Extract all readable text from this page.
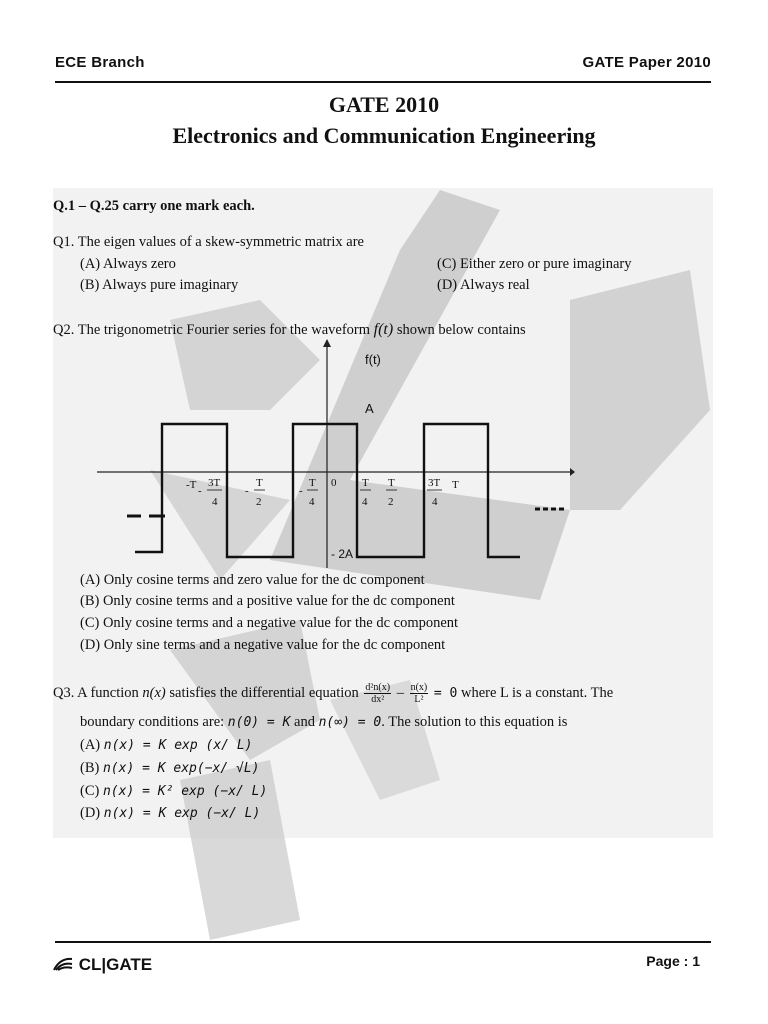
ECE Branch	GATE Paper 2010
GATE 2010
Electronics and Communication Engineering
Q.1 – Q.25 carry one mark each.
Q1. The eigen values of a skew-symmetric matrix are
(A) Always zero
(B) Always pure imaginary
(C) Either zero or pure imaginary
(D) Always real
Q2. The trigonometric Fourier series for the waveform f(t) shown below contains
f(t)
A
- 2A
-T -
3T
4
-
T
2
-
T
4
0 T
4
T
2
3T
4
T
(A) Only cosine terms and zero value for the dc component
(B) Only cosine terms and a positive value for the dc component
(C) Only cosine terms and a negative value for the dc component
(D) Only sine terms and a negative value for the dc component
Q3. A function n(x) satisfies the differential equation $\frac{\text{d²n(x)}}{\text{dx²}} - \frac{n(x)}{\text{L²}} = 0$ where L is a constant. The
boundary conditions are: n(0) = K and n(∞) = 0. The solution to this equation is
(A) n(x) = K exp (x/ L)
(B) n(x) = K exp(−x/ √L)
(C) n(x) = K² exp (−x/ L)
(D) n(x) = K exp (−x/ L)
CL|GATE	Page : 1
